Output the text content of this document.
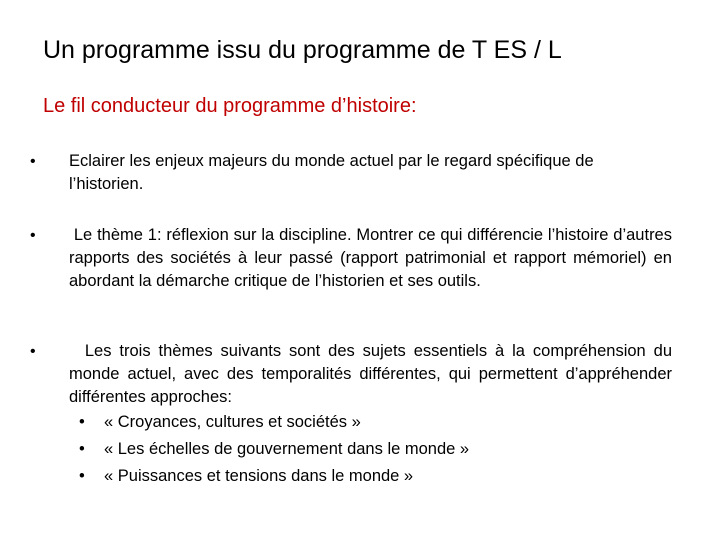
Un programme issu du programme de T ES / L
Le fil conducteur du programme d’histoire:
• Eclairer les enjeux majeurs du monde actuel par le regard spécifique de l’historien.
• Le thème 1: réflexion sur la discipline. Montrer ce qui différencie l’histoire d’autres rapports des sociétés à leur passé (rapport patrimonial et rapport mémoriel) en abordant la démarche critique de l’historien et ses outils.
• Les trois thèmes suivants sont des sujets essentiels à la compréhension du monde actuel, avec des temporalités différentes, qui permettent d’appréhender différentes approches:
• « Croyances, cultures et sociétés »
• « Les échelles de gouvernement dans le monde »
• « Puissances et tensions dans le monde »
